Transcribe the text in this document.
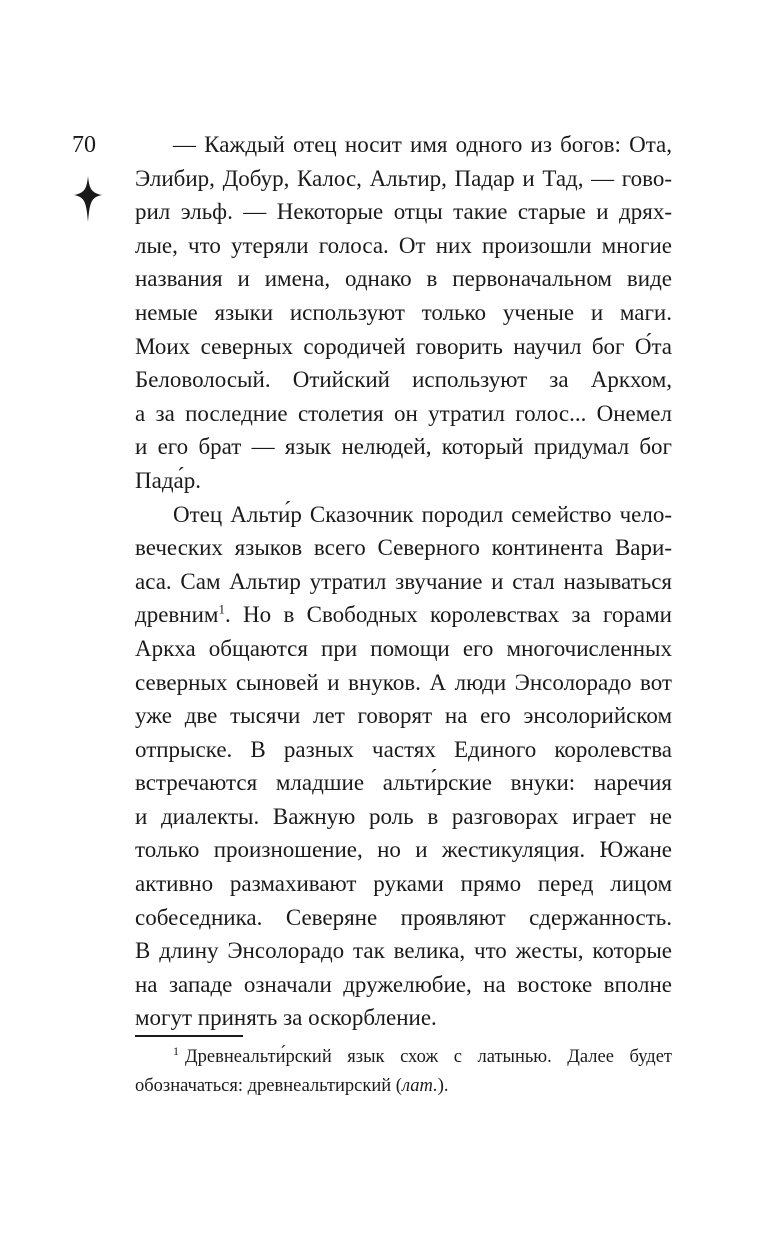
70	— Каждый отец носит имя одного из богов: Ота,
Элибир, Добур, Калос, Альтир, Падар и Тад, — гово-
рил эльф. — Некоторые отцы такие старые и дрях-
лые, что утеряли голоса. От них произошли многие
названия и имена, однако в первоначальном виде
немые языки используют только ученые и маги.
Моих северных сородичей говорить научил бог О́та
Беловолосый. Отийский используют за Аркхом,
а за последние столетия он утратил голос... Онемел
и его брат — язык нелюдей, который придумал бог
Пада́р.
Отец Альти́р Сказочник породил семейство чело-
веческих языков всего Северного континента Вари-
аса. Сам Альтир утратил звучание и стал называться
древним$^1$. Но в Свободных королевствах за горами
Аркха общаются при помощи его многочисленных
северных сыновей и внуков. А люди Энсолорадо вот
уже две тысячи лет говорят на его энсолорийском
отпрыске. В разных частях Единого королевства
встречаются младшие альти́рские внуки: наречия
и диалекты. Важную роль в разговорах играет не
только произношение, но и жестикуляция. Южане
активно размахивают руками прямо перед лицом
собеседника. Северяне проявляют сдержанность.
В длину Энсолорадо так велика, что жесты, которые
на западе означали дружелюбие, на востоке вполне
могут принять за оскорбление.
$^1$ Древнеальти́рский язык схож с латынью. Далее будет
обозначаться: древнеальтирский (лат.).
